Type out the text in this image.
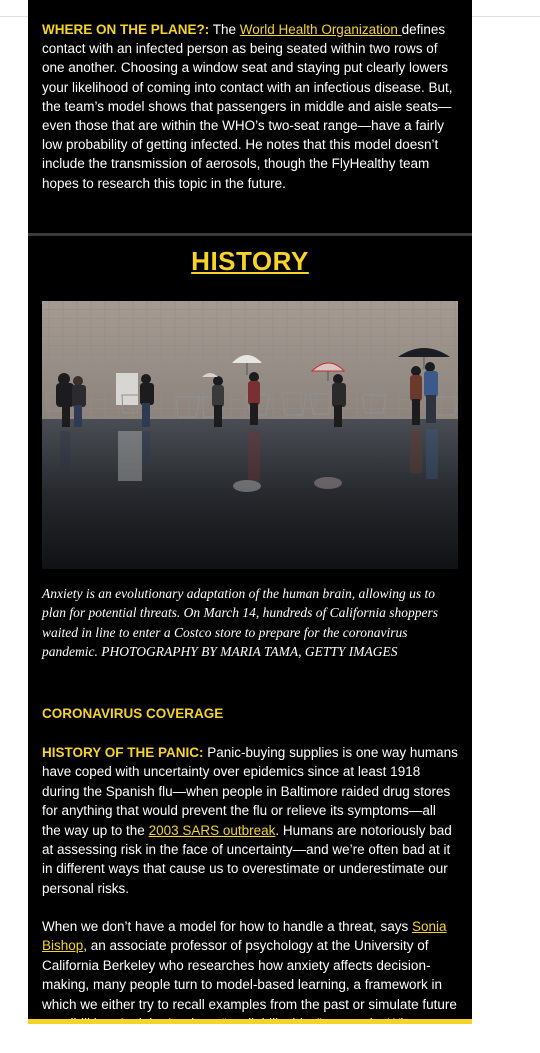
WHERE ON THE PLANE?: The World Health Organization defines contact with an infected person as being seated within two rows of one another. Choosing a window seat and staying put clearly lowers your likelihood of coming into contact with an infectious disease. But, the team’s model shows that passengers in middle and aisle seats—even those that are within the WHO’s two-seat range—have a fairly low probability of getting infected. He notes that this model doesn’t include the transmission of aerosols, though the FlyHealthy team hopes to research this topic in the future.

HISTORY

Anxiety is an evolutionary adaptation of the human brain, allowing us to plan for potential threats. On March 14, hundreds of California shoppers waited in line to enter a Costco store to prepare for the coronavirus pandemic. PHOTOGRAPHY BY MARIA TAMA, GETTY IMAGES

CORONAVIRUS COVERAGE

HISTORY OF THE PANIC: Panic-buying supplies is one way humans have coped with uncertainty over epidemics since at least 1918 during the Spanish flu—when people in Baltimore raided drug stores for anything that would prevent the flu or relieve its symptoms—all the way up to the 2003 SARS outbreak. Humans are notoriously bad at assessing risk in the face of uncertainty—and we’re often bad at it in different ways that cause us to overestimate or underestimate our personal risks.

When we don’t have a model for how to handle a threat, says Sonia Bishop, an associate professor of psychology at the University of California Berkeley who researches how anxiety affects decision-making, many people turn to model-based learning, a framework in which we either try to recall examples from the past or simulate future we’ve
